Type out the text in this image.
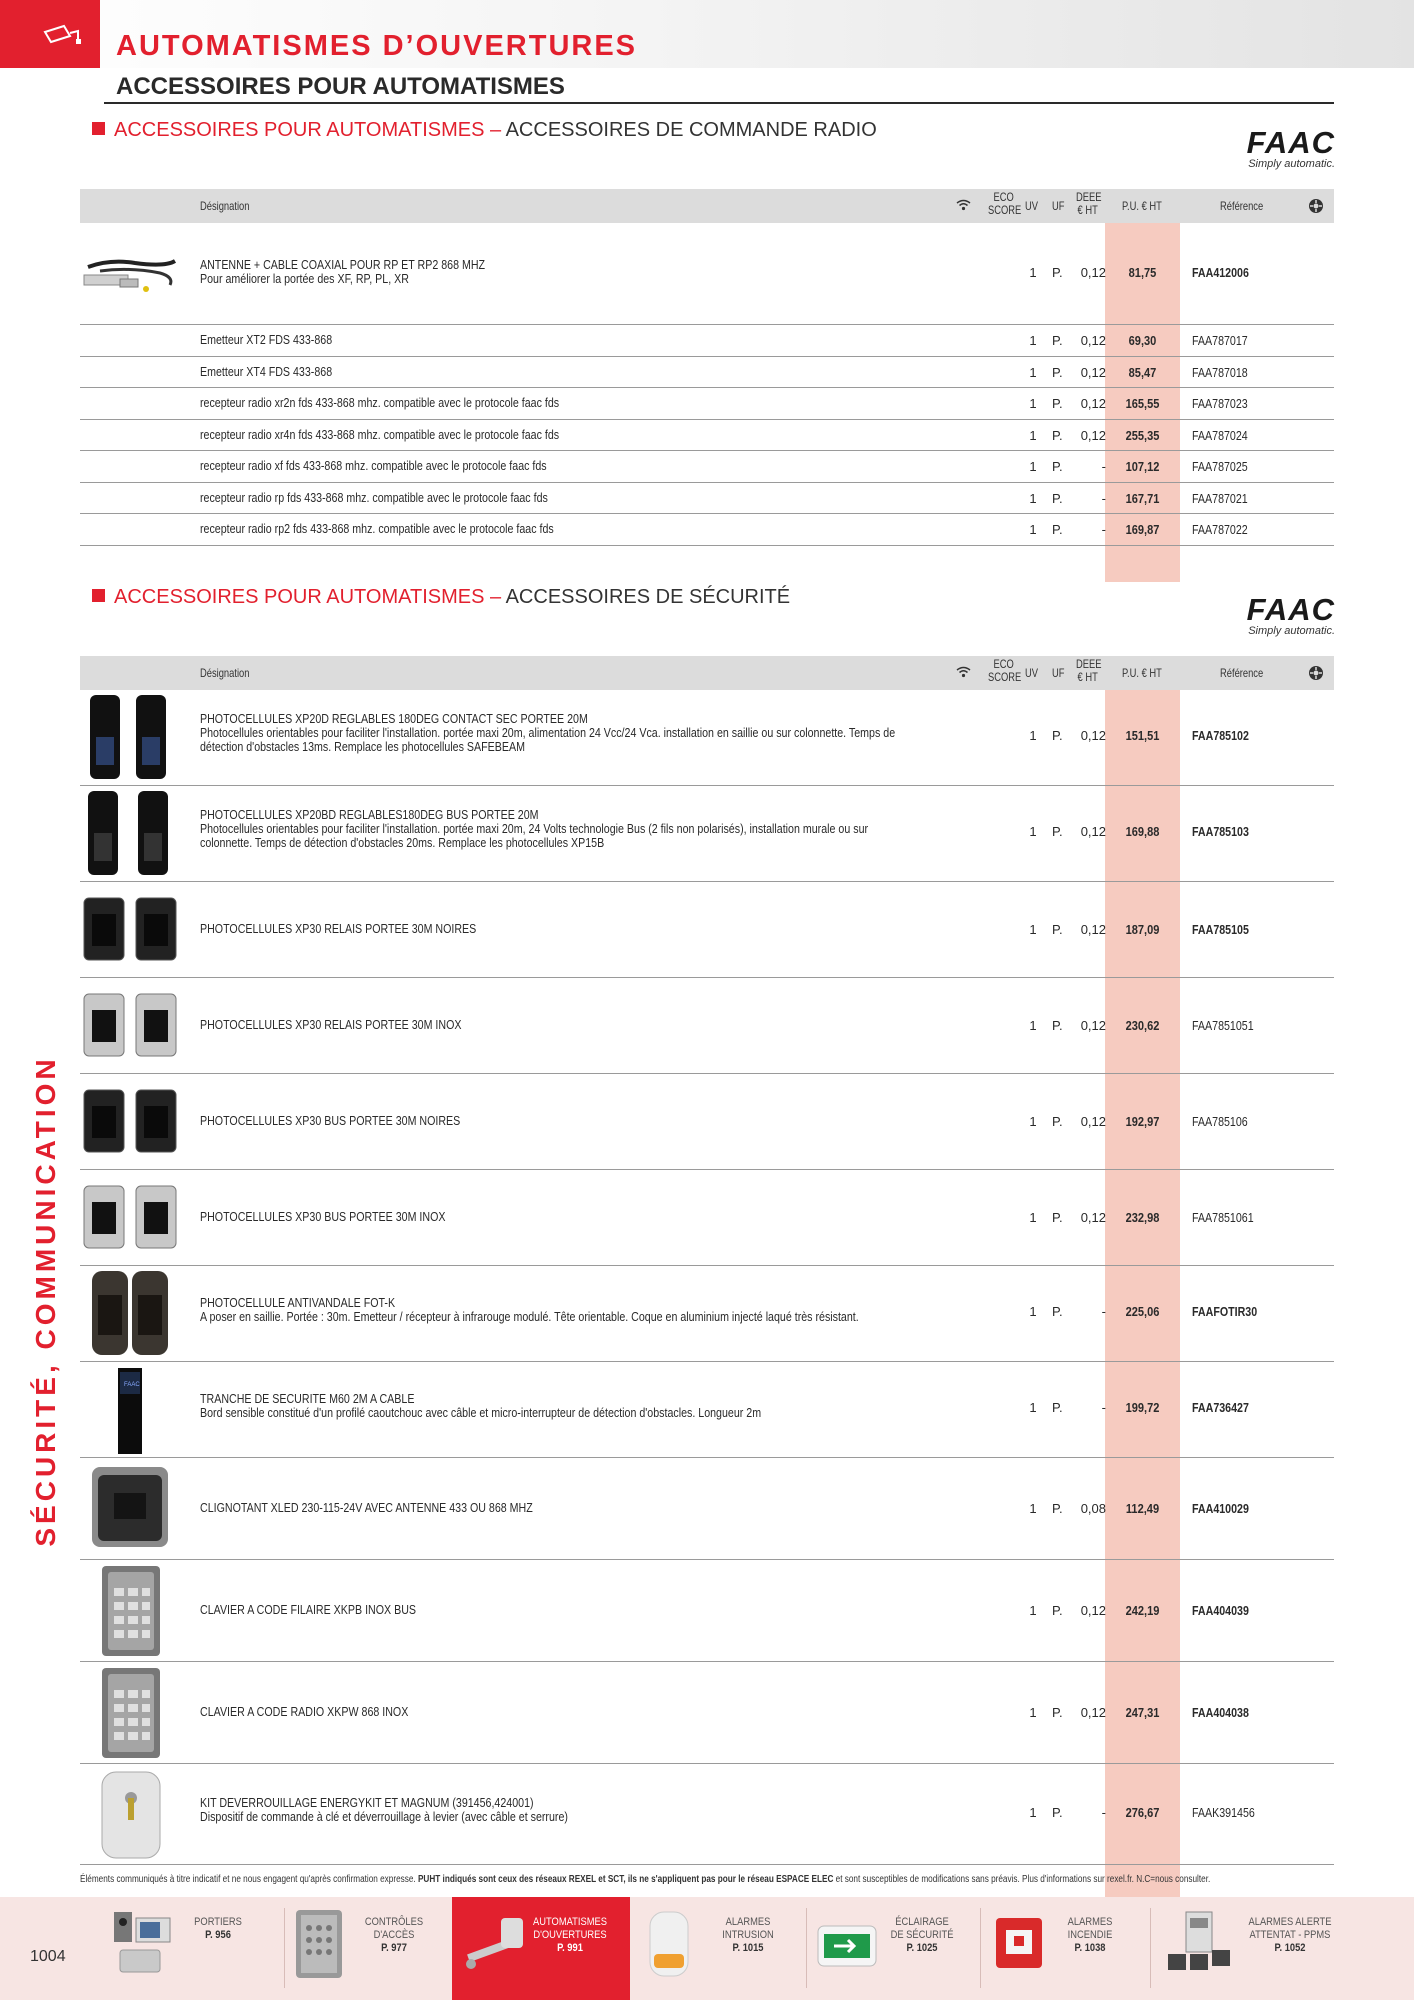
AUTOMATISMES D’OUVERTURES
ACCESSOIRES POUR AUTOMATISMES
SÉCURITÉ, COMMUNICATION
ACCESSOIRES POUR AUTOMATISMES – ACCESSOIRES DE COMMANDE RADIO	FAAC
Simply automatic.
Désignation
ECO
SCORE UV UF
DEEE
€ HT P.U. € HT	Référence
ANTENNE + CABLE COAXIAL POUR RP ET RP2 868 MHZ
Pour améliorer la portée des XF, RP, PL, XR	1 P.	0,12	81,75	FAA412006
Emetteur XT2 FDS 433-868	1 P.	0,12	69,30	FAA787017
Emetteur XT4 FDS 433-868	1 P.	0,12	85,47	FAA787018
recepteur radio xr2n fds 433-868 mhz. compatible avec le protocole faac fds	1 P.	0,12	165,55	FAA787023
recepteur radio xr4n fds 433-868 mhz. compatible avec le protocole faac fds	1 P.	0,12	255,35	FAA787024
recepteur radio xf fds 433-868 mhz. compatible avec le protocole faac fds	1 P.	-	107,12	FAA787025
recepteur radio rp fds 433-868 mhz. compatible avec le protocole faac fds	1 P.	-	167,71	FAA787021
recepteur radio rp2 fds 433-868 mhz. compatible avec le protocole faac fds	1 P.	-	169,87	FAA787022
ACCESSOIRES POUR AUTOMATISMES – ACCESSOIRES DE SÉCURITÉ	FAAC
Simply automatic.
Désignation
ECO
SCORE UV UF
DEEE
€ HT P.U. € HT	Référence
PHOTOCELLULES XP20D REGLABLES 180DEG CONTACT SEC PORTEE 20M
Photocellules orientables pour faciliter l'installation. portée maxi 20m, alimentation 24 Vcc/24 Vca. installation en saillie ou sur colonnette. Temps de
détection d'obstacles 13ms. Remplace les photocellules SAFEBEAM
1 P.	0,12	151,51	FAA785102
PHOTOCELLULES XP20BD REGLABLES180DEG BUS PORTEE 20M
Photocellules orientables pour faciliter l'installation. portée maxi 20m, 24 Volts technologie Bus (2 fils non polarisés), installation murale ou sur
colonnette. Temps de détection d'obstacles 20ms. Remplace les photocellules XP15B
1 P.	0,12	169,88	FAA785103
PHOTOCELLULES XP30 RELAIS PORTEE 30M NOIRES	1 P.	0,12	187,09	FAA785105
PHOTOCELLULES XP30 RELAIS PORTEE 30M INOX	1 P.	0,12	230,62	FAA7851051
PHOTOCELLULES XP30 BUS PORTEE 30M NOIRES	1 P.	0,12	192,97	FAA785106
PHOTOCELLULES XP30 BUS PORTEE 30M INOX	1 P.	0,12	232,98	FAA7851061
PHOTOCELLULE ANTIVANDALE FOT-K
A poser en saillie. Portée : 30m. Emetteur / récepteur à infrarouge modulé. Tête orientable. Coque en aluminium injecté laqué très résistant.	1 P.	-	225,06	FAAFOTIR30
FAAC
TRANCHE DE SECURITE M60 2M A CABLE
Bord sensible constitué d'un profilé caoutchouc avec câble et micro-interrupteur de détection d'obstacles. Longueur 2m	1 P.	-	199,72	FAA736427
CLIGNOTANT XLED 230-115-24V AVEC ANTENNE 433 OU 868 MHZ	1 P.	0,08	112,49	FAA410029
CLAVIER A CODE FILAIRE XKPB INOX BUS	1 P.	0,12	242,19	FAA404039
CLAVIER A CODE RADIO XKPW 868 INOX	1 P.	0,12	247,31	FAA404038
KIT DEVERROUILLAGE ENERGYKIT ET MAGNUM (391456,424001)
Dispositif de commande à clé et déverrouillage à levier (avec câble et serrure)	1 P.	-	276,67	FAAK391456
Éléments communiqués à titre indicatif et ne nous engagent qu'après confirmation expresse. PUHT indiqués sont ceux des réseaux REXEL et SCT, ils ne s'appliquent pas pour le réseau ESPACE ELEC et sont susceptibles de modifications sans préavis. Plus d'informations sur rexel.fr. N.C=nous consulter.
1004
PORTIERS
P. 956
CONTRÔLES
D'ACCÈS
P. 977
AUTOMATISMES
D'OUVERTURES
P. 991
ALARMES
INTRUSION
P. 1015
ÉCLAIRAGE
DE SÉCURITÉ
P. 1025
ALARMES
INCENDIE
P. 1038
ALARMES ALERTE
ATTENTAT - PPMS
P. 1052
